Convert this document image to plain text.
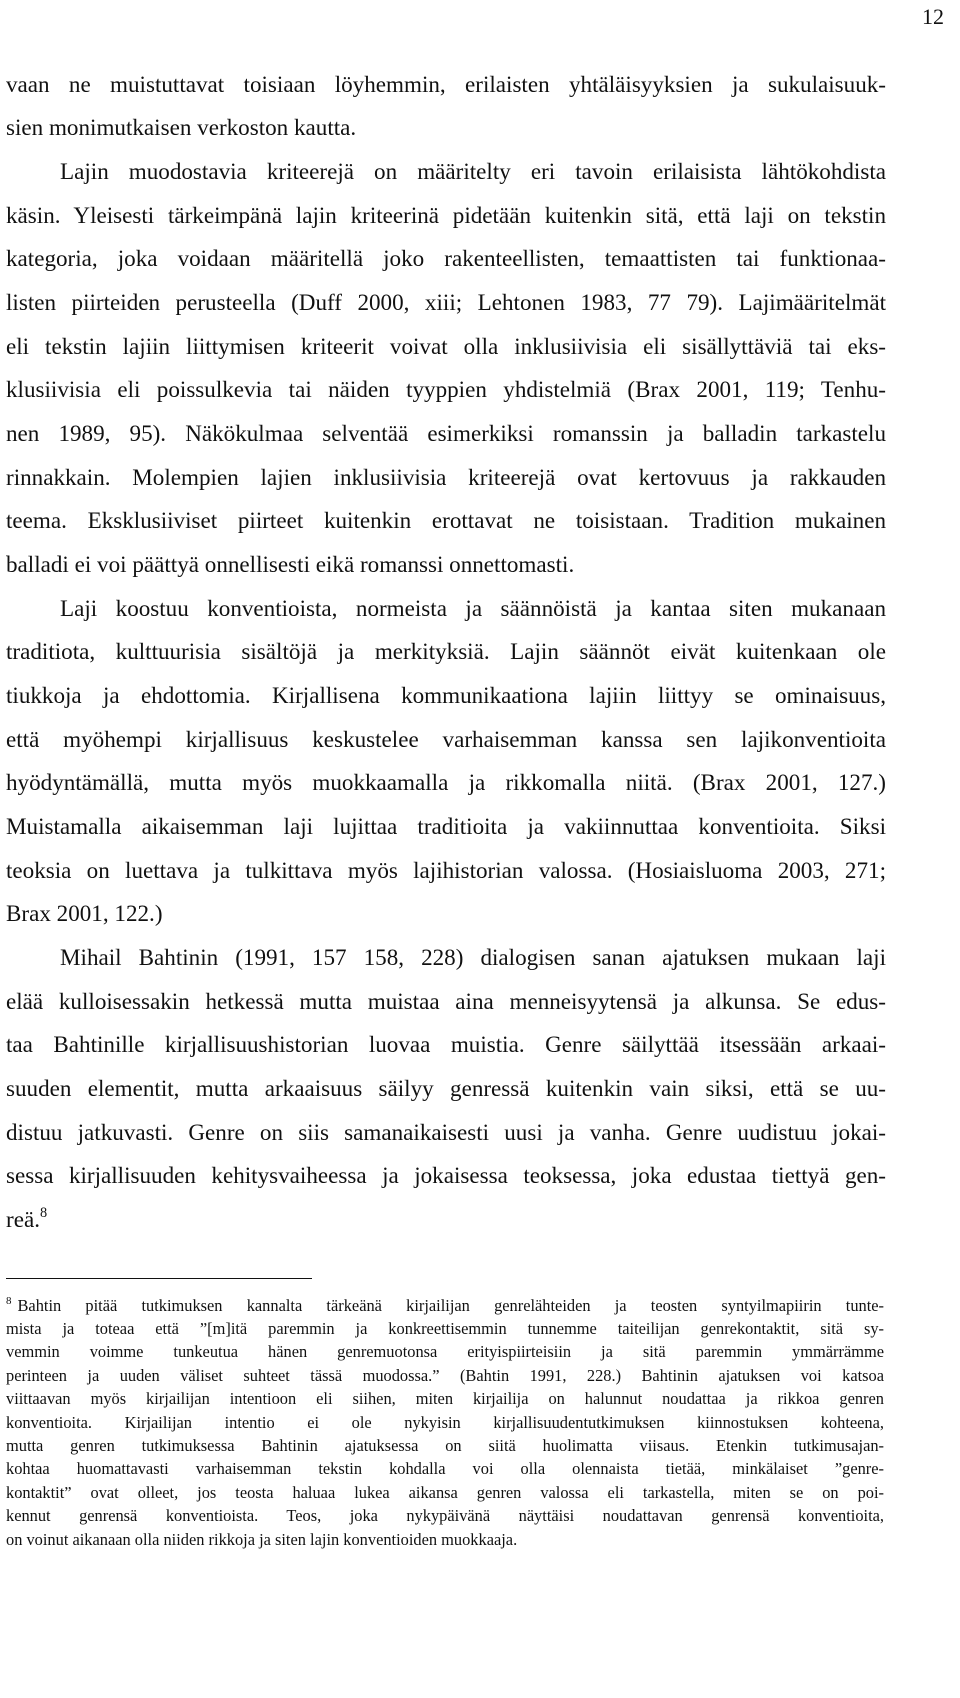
12
vaan ne muistuttavat toisiaan löyhemmin, erilaisten yhtäläisyyksien ja sukulaisuuk-
sien monimutkaisen verkoston kautta.
Lajin muodostavia kriteerejä on määritelty eri tavoin erilaisista lähtökohdista
käsin. Yleisesti tärkeimpänä lajin kriteerinä pidetään kuitenkin sitä, että laji on tekstin
kategoria, joka voidaan määritellä joko rakenteellisten, temaattisten tai funktionaa-
listen piirteiden perusteella (Duff 2000, xiii; Lehtonen 1983, 77 79). Lajimääritelmät
eli tekstin lajiin liittymisen kriteerit voivat olla inklusiivisia eli sisällyttäviä tai eks-
klusiivisia eli poissulkevia tai näiden tyyppien yhdistelmiä (Brax 2001, 119; Tenhu-
nen 1989, 95). Näkökulmaa selventää esimerkiksi romanssin ja balladin tarkastelu
rinnakkain. Molempien lajien inklusiivisia kriteerejä ovat kertovuus ja rakkauden
teema. Eksklusiiviset piirteet kuitenkin erottavat ne toisistaan. Tradition mukainen
balladi ei voi päättyä onnellisesti eikä romanssi onnettomasti.
Laji koostuu konventioista, normeista ja säännöistä ja kantaa siten mukanaan
traditiota, kulttuurisia sisältöjä ja merkityksiä. Lajin säännöt eivät kuitenkaan ole
tiukkoja ja ehdottomia. Kirjallisena kommunikaationa lajiin liittyy se ominaisuus,
että myöhempi kirjallisuus keskustelee varhaisemman kanssa sen lajikonventioita
hyödyntämällä, mutta myös muokkaamalla ja rikkomalla niitä. (Brax 2001, 127.)
Muistamalla aikaisemman laji lujittaa traditioita ja vakiinnuttaa konventioita. Siksi
teoksia on luettava ja tulkittava myös lajihistorian valossa. (Hosiaisluoma 2003, 271;
Brax 2001, 122.)
Mihail Bahtinin (1991, 157 158, 228) dialogisen sanan ajatuksen mukaan laji
elää kulloisessakin hetkessä mutta muistaa aina menneisyytensä ja alkunsa. Se edus-
taa Bahtinille kirjallisuushistorian luovaa muistia. Genre säilyttää itsessään arkaai-
suuden elementit, mutta arkaaisuus säilyy genressä kuitenkin vain siksi, että se uu-
distuu jatkuvasti. Genre on siis samanaikaisesti uusi ja vanha. Genre uudistuu jokai-
sessa kirjallisuuden kehitysvaiheessa ja jokaisessa teoksessa, joka edustaa tiettyä gen-
reä.$^8$
$^8$ Bahtin pitää tutkimuksen kannalta tärkeänä kirjailijan genrelähteiden ja teosten syntyilmapiirin tunte-
mista ja toteaa että ”[m]itä paremmin ja konkreettisemmin tunnemme taiteilijan genrekontaktit, sitä sy-
vemmin voimme tunkeutua hänen genremuotonsa erityispiirteisiin ja sitä paremmin ymmärrämme
perinteen ja uuden väliset suhteet tässä muodossa.” (Bahtin 1991, 228.) Bahtinin ajatuksen voi katsoa
viittaavan myös kirjailijan intentioon eli siihen, miten kirjailija on halunnut noudattaa ja rikkoa genren
konventioita. Kirjailijan intentio ei ole nykyisin kirjallisuudentutkimuksen kiinnostuksen kohteena,
mutta genren tutkimuksessa Bahtinin ajatuksessa on siitä huolimatta viisaus. Etenkin tutkimusajan-
kohtaa huomattavasti varhaisemman tekstin kohdalla voi olla olennaista tietää, minkälaiset ”genre-
kontaktit” ovat olleet, jos teosta haluaa lukea aikansa genren valossa eli tarkastella, miten se on poi-
kennut genrensä konventioista. Teos, joka nykypäivänä näyttäisi noudattavan genrensä konventioita,
on voinut aikanaan olla niiden rikkoja ja siten lajin konventioiden muokkaaja.
